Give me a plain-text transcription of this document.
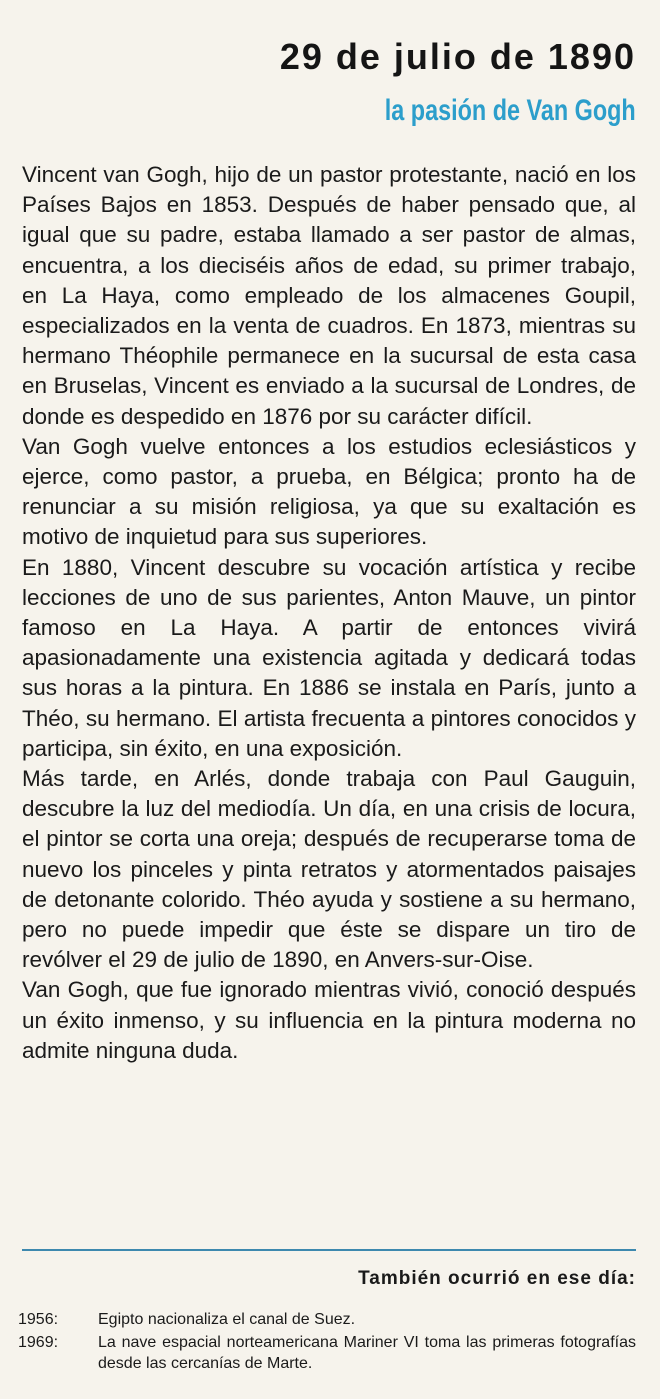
29 de julio de 1890
la pasión de Van Gogh

Vincent van Gogh, hijo de un pastor protestante, nació en los Países Bajos en 1853. Después de haber pensado que, al igual que su padre, estaba llamado a ser pastor de almas, encuentra, a los dieciséis años de edad, su primer trabajo, en La Haya, como empleado de los almacenes Goupil, especializados en la venta de cuadros. En 1873, mientras su hermano Théophile permanece en la sucursal de esta casa en Bruselas, Vincent es enviado a la sucursal de Londres, de donde es despedido en 1876 por su carácter difícil.

Van Gogh vuelve entonces a los estudios eclesiásticos y ejerce, como pastor, a prueba, en Bélgica; pronto ha de renunciar a su misión religiosa, ya que su exaltación es motivo de inquietud para sus superiores.

En 1880, Vincent descubre su vocación artística y recibe lecciones de uno de sus parientes, Anton Mauve, un pintor famoso en La Haya. A partir de entonces vivirá apasionadamente una existencia agitada y dedicará todas sus horas a la pintura. En 1886 se instala en París, junto a Théo, su hermano. El artista frecuenta a pintores conocidos y participa, sin éxito, en una exposición.

Más tarde, en Arlés, donde trabaja con Paul Gauguin, descubre la luz del mediodía. Un día, en una crisis de locura, el pintor se corta una oreja; después de recuperarse toma de nuevo los pinceles y pinta retratos y atormentados paisajes de detonante colorido. Théo ayuda y sostiene a su hermano, pero no puede impedir que éste se dispare un tiro de revólver el 29 de julio de 1890, en Anvers-sur-Oise.

Van Gogh, que fue ignorado mientras vivió, conoció después un éxito inmenso, y su influencia en la pintura moderna no admite ninguna duda.

También ocurrió en ese día:
1956:	Egipto nacionaliza el canal de Suez.
1969:	La nave espacial norteamericana Mariner VI toma las primeras fotografías desde las cercanías de Marte.
